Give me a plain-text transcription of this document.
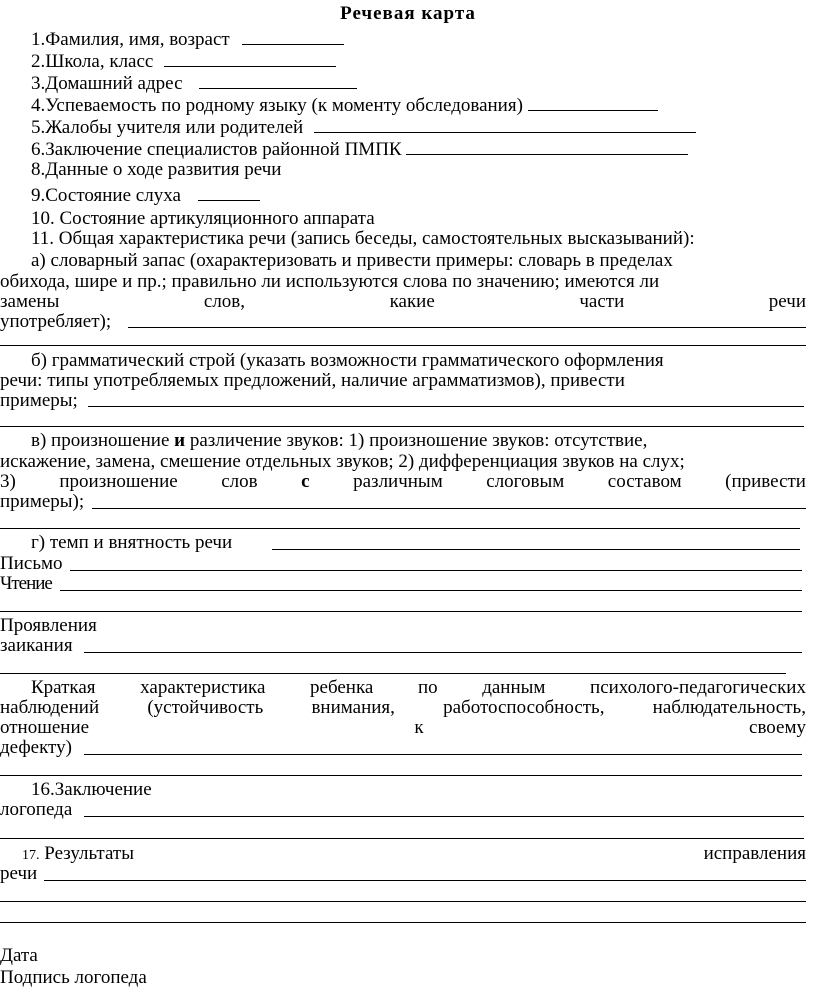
Речевая карта
1.Фамилия, имя, возраст
2.Школа, класс
3.Домашний адрес
4.Успеваемость по родному языку (к моменту обследования)
5.Жалобы учителя или родителей
6.Заключение специалистов районной ПМПК
8.Данные о ходе развития речи
9.Состояние слуха
10. Состояние артикуляционного аппарата
11. Общая характеристика речи (запись беседы, самостоятельных высказываний):
а) словарный запас (охарактеризовать и привести примеры: словарь в пределах
обихода, шире и пр.; правильно ли используются слова по значению; имеются ли
замены	слов,	какие	части	речи
употребляет);
б) грамматический строй (указать возможности грамматического оформления
речи: типы употребляемых предложений, наличие аграмматизмов), привести
примеры;
в) произношение и различение звуков: 1) произношение звуков: отсутствие,
искажение, замена, смешение отдельных звуков; 2) дифференциация звуков на слух;
3) произношение слов с различным слоговым составом (привести
примеры);
г) темп и внятность речи
Письмо
Чтение
Проявления
заикания
Краткая характеристика ребенка по данным психолого-педагогических
наблюдений	(устойчивость	внимания,	работоспособность,	наблюдательность,
отношение	к	своему
дефекту)
16.Заключение
логопеда
17. Результаты	исправления
речи
Дата
Подпись логопеда
